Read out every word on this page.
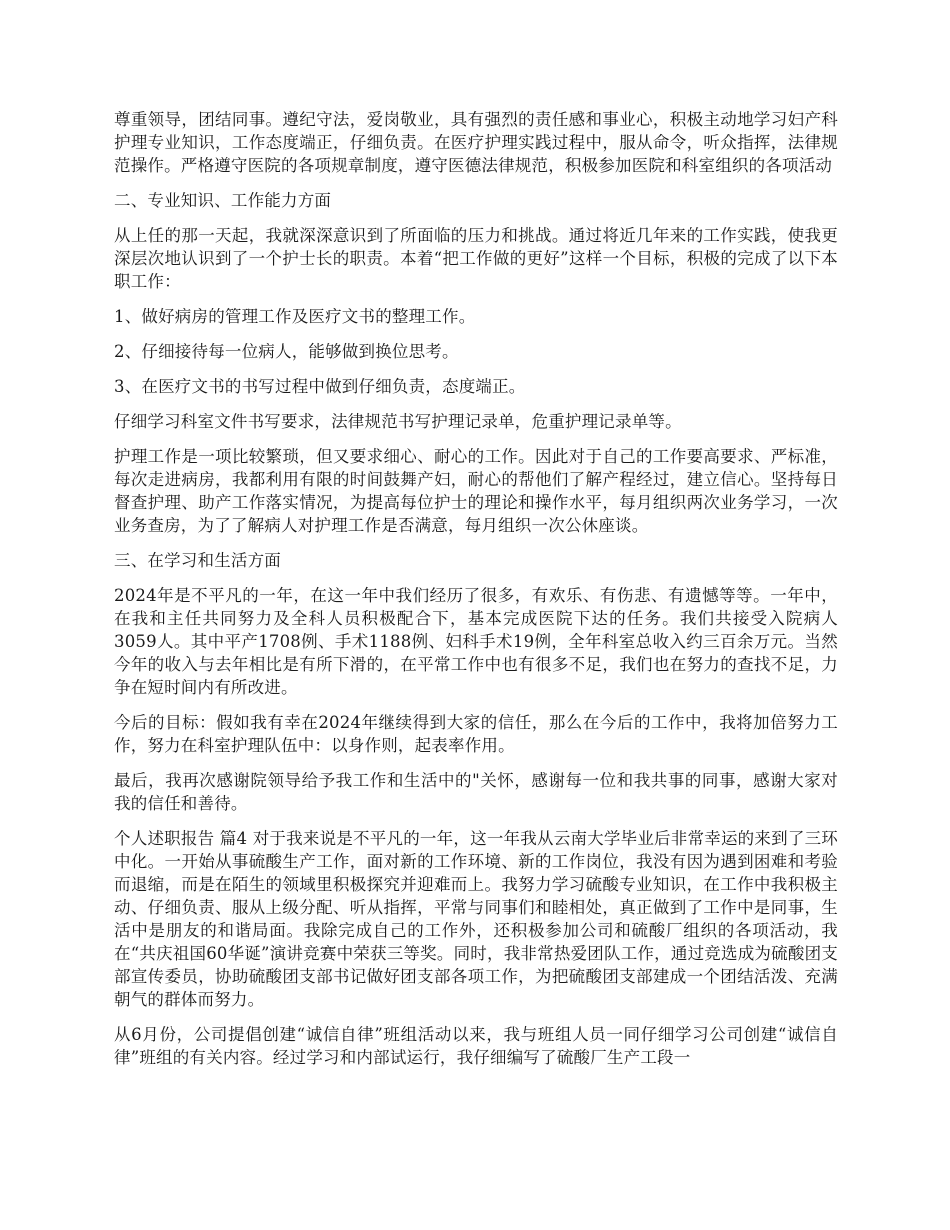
尊重领导，团结同事。遵纪守法，爱岗敬业，具有强烈的责任感和事业心，积极主动地学习妇产科护理专业知识，工作态度端正，仔细负责。在医疗护理实践过程中，服从命令，听众指挥，法律规范操作。严格遵守医院的各项规章制度，遵守医德法律规范，积极参加医院和科室组织的各项活动

二、专业知识、工作能力方面

从上任的那一天起，我就深深意识到了所面临的压力和挑战。通过将近几年来的工作实践，使我更深层次地认识到了一个护士长的职责。本着“把工作做的更好”这样一个目标，积极的完成了以下本职工作：

1、做好病房的管理工作及医疗文书的整理工作。

2、仔细接待每一位病人，能够做到换位思考。

3、在医疗文书的书写过程中做到仔细负责，态度端正。

仔细学习科室文件书写要求，法律规范书写护理记录单，危重护理记录单等。

护理工作是一项比较繁琐，但又要求细心、耐心的工作。因此对于自己的工作要高要求、严标准，每次走进病房，我都利用有限的时间鼓舞产妇，耐心的帮他们了解产程经过，建立信心。坚持每日督查护理、助产工作落实情况，为提高每位护士的理论和操作水平，每月组织两次业务学习，一次业务查房，为了了解病人对护理工作是否满意，每月组织一次公休座谈。

三、在学习和生活方面

2024年是不平凡的一年，在这一年中我们经历了很多，有欢乐、有伤悲、有遗憾等等。一年中，在我和主任共同努力及全科人员积极配合下，基本完成医院下达的任务。我们共接受入院病人3059人。其中平产1708例、手术1188例、妇科手术19例，全年科室总收入约三百余万元。当然今年的收入与去年相比是有所下滑的，在平常工作中也有很多不足，我们也在努力的查找不足，力争在短时间内有所改进。

今后的目标：假如我有幸在2024年继续得到大家的信任，那么在今后的工作中，我将加倍努力工作，努力在科室护理队伍中：以身作则，起表率作用。

最后，我再次感谢院领导给予我工作和生活中的"关怀，感谢每一位和我共事的同事，感谢大家对我的信任和善待。

个人述职报告 篇4 对于我来说是不平凡的一年，这一年我从云南大学毕业后非常幸运的来到了三环中化。一开始从事硫酸生产工作，面对新的工作环境、新的工作岗位，我没有因为遇到困难和考验而退缩，而是在陌生的领域里积极探究并迎难而上。我努力学习硫酸专业知识，在工作中我积极主动、仔细负责、服从上级分配、听从指挥，平常与同事们和睦相处，真正做到了工作中是同事，生活中是朋友的和谐局面。我除完成自己的工作外，还积极参加公司和硫酸厂组织的各项活动，我在“共庆祖国60华诞”演讲竞赛中荣获三等奖。同时，我非常热爱团队工作，通过竞选成为硫酸团支部宣传委员，协助硫酸团支部书记做好团支部各项工作，为把硫酸团支部建成一个团结活泼、充满朝气的群体而努力。

从6月份，公司提倡创建“诚信自律”班组活动以来，我与班组人员一同仔细学习公司创建“诚信自律”班组的有关内容。经过学习和内部试运行，我仔细编写了硫酸厂生产工段一
